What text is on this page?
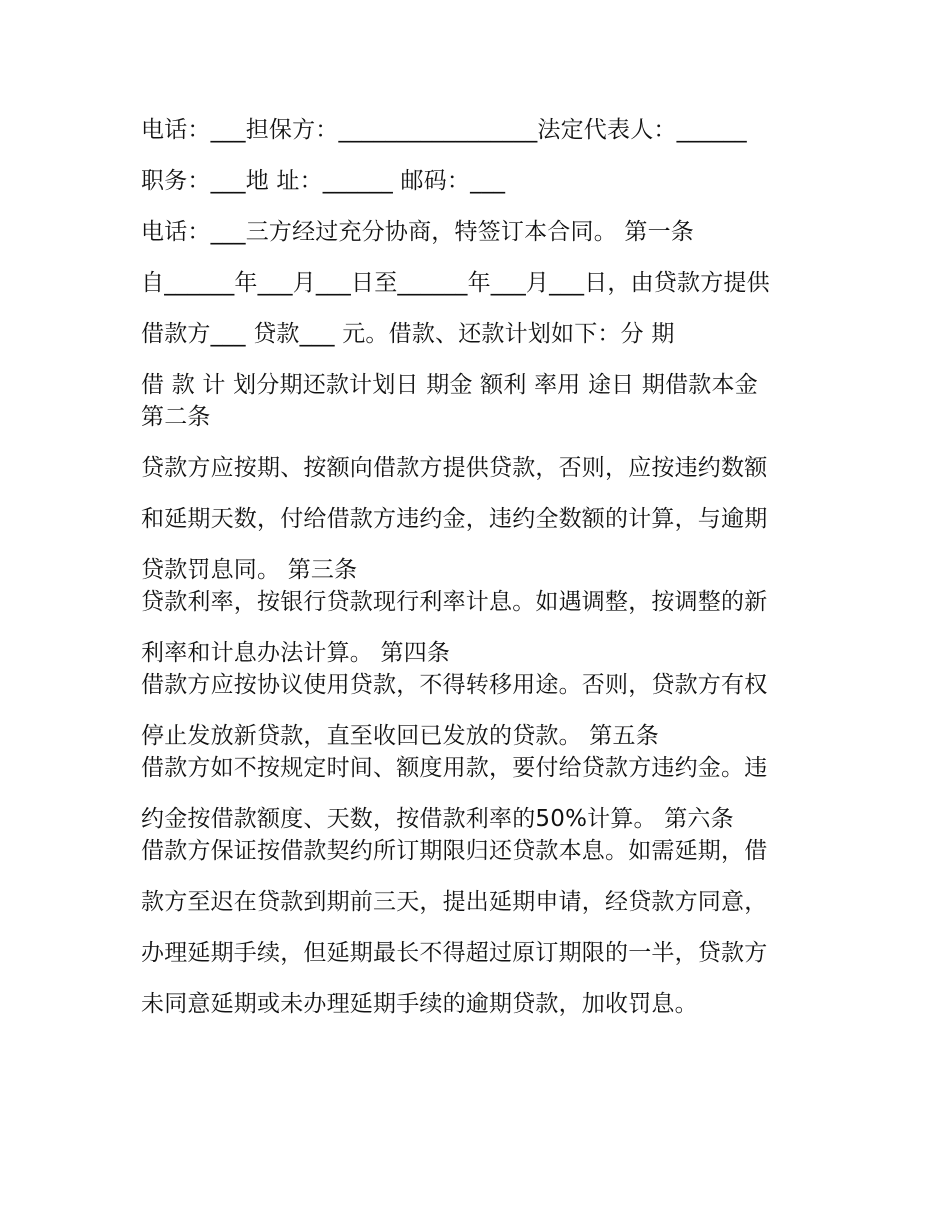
电话：___担保方：_________________法定代表人：______
职务：___地 址：______ 邮码：___
电话：___三方经过充分协商，特签订本合同。 第一条
自______年___月___日至______年___月___日，由贷款方提供
借款方___ 贷款___ 元。借款、还款计划如下：分 期
借 款 计 划分期还款计划日 期金 额利 率用 途日 期借款本金
第二条
贷款方应按期、按额向借款方提供贷款，否则，应按违约数额
和延期天数，付给借款方违约金，违约全数额的计算，与逾期
贷款罚息同。 第三条
贷款利率，按银行贷款现行利率计息。如遇调整，按调整的新
利率和计息办法计算。 第四条
借款方应按协议使用贷款，不得转移用途。否则，贷款方有权
停止发放新贷款，直至收回已发放的贷款。 第五条
借款方如不按规定时间、额度用款，要付给贷款方违约金。违
约金按借款额度、天数，按借款利率的50%计算。 第六条
借款方保证按借款契约所订期限归还贷款本息。如需延期，借
款方至迟在贷款到期前三天，提出延期申请，经贷款方同意，
办理延期手续，但延期最长不得超过原订期限的一半，贷款方
未同意延期或未办理延期手续的逾期贷款，加收罚息。
